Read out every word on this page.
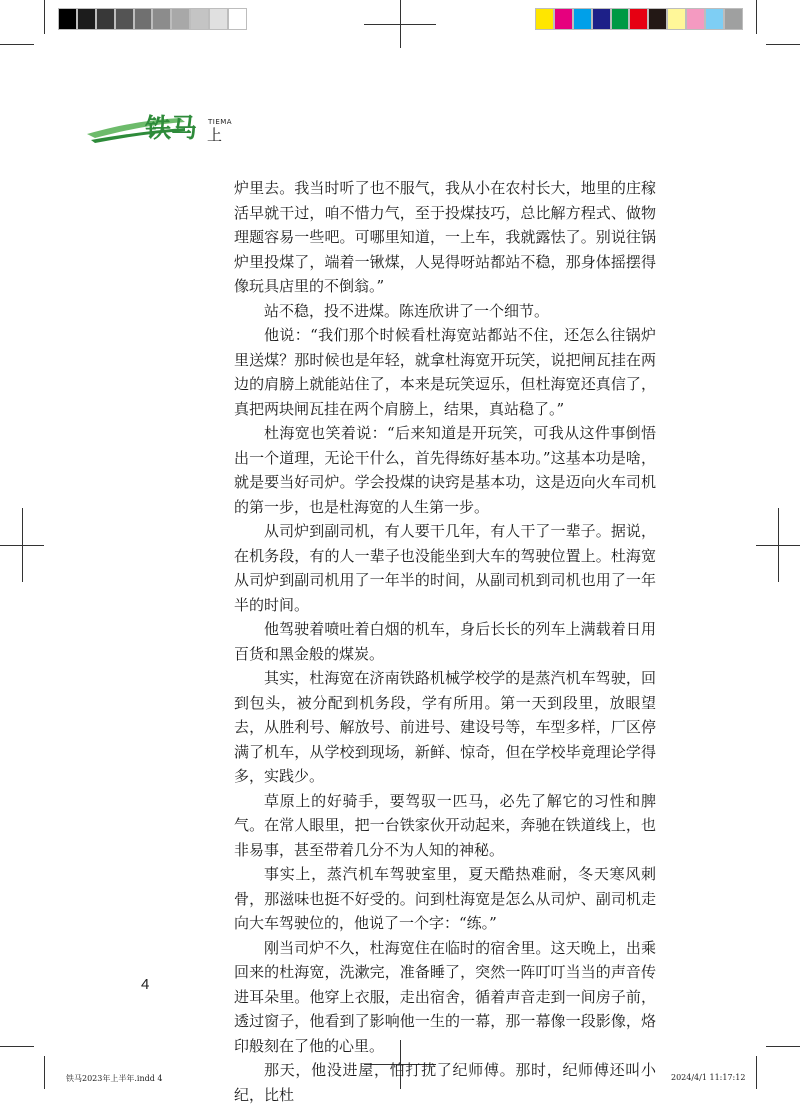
铁马 TIEMA
上

炉里去。我当时听了也不服气，我从小在农村长大，地里的庄稼活早就干过，咱不惜力气，至于投煤技巧，总比解方程式、做物理题容易一些吧。可哪里知道，一上车，我就露怯了。别说往锅炉里投煤了，端着一锹煤，人晃得呀站都站不稳，那身体摇摆得像玩具店里的不倒翁。”

站不稳，投不进煤。陈连欣讲了一个细节。

他说：“我们那个时候看杜海宽站都站不住，还怎么往锅炉里送煤？那时候也是年轻，就拿杜海宽开玩笑，说把闸瓦挂在两边的肩膀上就能站住了，本来是玩笑逗乐，但杜海宽还真信了，真把两块闸瓦挂在两个肩膀上，结果，真站稳了。”

杜海宽也笑着说：“后来知道是开玩笑，可我从这件事倒悟出一个道理，无论干什么，首先得练好基本功。”这基本功是啥，就是要当好司炉。学会投煤的诀窍是基本功，这是迈向火车司机的第一步，也是杜海宽的人生第一步。

从司炉到副司机，有人要干几年，有人干了一辈子。据说，在机务段，有的人一辈子也没能坐到大车的驾驶位置上。杜海宽从司炉到副司机用了一年半的时间，从副司机到司机也用了一年半的时间。

他驾驶着喷吐着白烟的机车，身后长长的列车上满载着日用百货和黑金般的煤炭。

其实，杜海宽在济南铁路机械学校学的是蒸汽机车驾驶，回到包头，被分配到机务段，学有所用。第一天到段里，放眼望去，从胜利号、解放号、前进号、建设号等，车型多样，厂区停满了机车，从学校到现场，新鲜、惊奇，但在学校毕竟理论学得多，实践少。

草原上的好骑手，要驾驭一匹马，必先了解它的习性和脾气。在常人眼里，把一台铁家伙开动起来，奔驰在铁道线上，也非易事，甚至带着几分不为人知的神秘。

事实上，蒸汽机车驾驶室里，夏天酷热难耐，冬天寒风刺骨，那滋味也挺不好受的。问到杜海宽是怎么从司炉、副司机走向大车驾驶位的，他说了一个字：“练。”

刚当司炉不久，杜海宽住在临时的宿舍里。这天晚上，出乘回来的杜海宽，洗漱完，准备睡了，突然一阵叮叮当当的声音传进耳朵里。他穿上衣服，走出宿舍，循着声音走到一间房子前，透过窗子，他看到了影响他一生的一幕，那一幕像一段影像，烙印般刻在了他的心里。

那天，他没进屋，怕打扰了纪师傅。那时，纪师傅还叫小纪，比杜

4
铁马2023年上半年.indd 4	2024/4/1 11:17:12
